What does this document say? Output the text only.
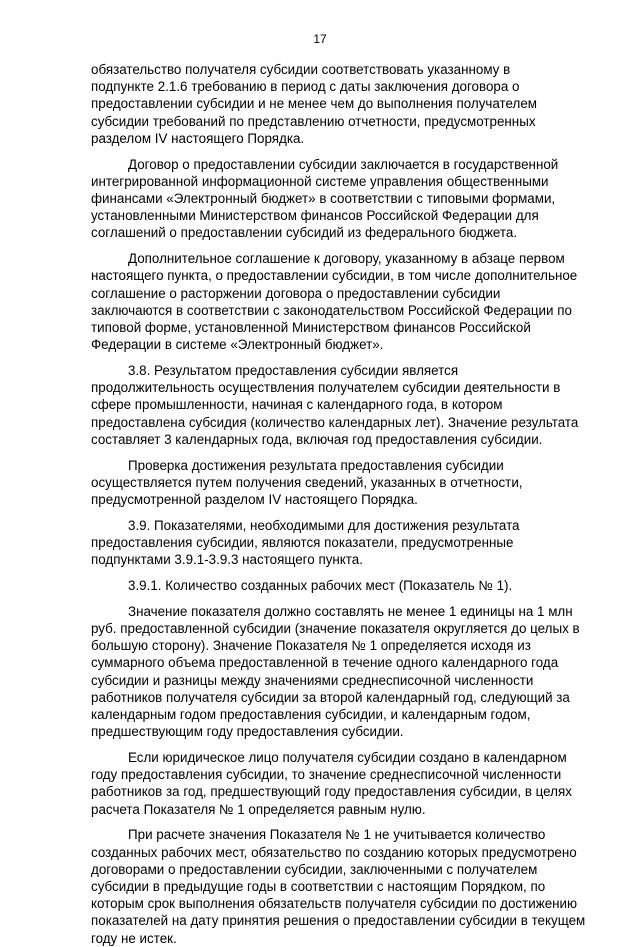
17

обязательство получателя субсидии соответствовать указанному в
подпункте 2.1.6 требованию в период с даты заключения договора о
предоставлении субсидии и не менее чем до выполнения получателем
субсидии требований по представлению отчетности, предусмотренных
разделом IV настоящего Порядка.

Договор о предоставлении субсидии заключается в государственной
интегрированной информационной системе управления общественными
финансами «Электронный бюджет» в соответствии с типовыми формами,
установленными Министерством финансов Российской Федерации для
соглашений о предоставлении субсидий из федерального бюджета.

Дополнительное соглашение к договору, указанному в абзаце первом
настоящего пункта, о предоставлении субсидии, в том числе дополнительное
соглашение о расторжении договора о предоставлении субсидии
заключаются в соответствии с законодательством Российской Федерации по
типовой форме, установленной Министерством финансов Российской
Федерации в системе «Электронный бюджет».

3.8. Результатом предоставления субсидии является
продолжительность осуществления получателем субсидии деятельности в
сфере промышленности, начиная с календарного года, в котором
предоставлена субсидия (количество календарных лет). Значение результата
составляет 3 календарных года, включая год предоставления субсидии.

Проверка достижения результата предоставления субсидии
осуществляется путем получения сведений, указанных в отчетности,
предусмотренной разделом IV настоящего Порядка.

3.9. Показателями, необходимыми для достижения результата
предоставления субсидии, являются показатели, предусмотренные
подпунктами 3.9.1-3.9.3 настоящего пункта.

3.9.1. Количество созданных рабочих мест (Показатель № 1).

Значение показателя должно составлять не менее 1 единицы на 1 млн
руб. предоставленной субсидии (значение показателя округляется до целых в
большую сторону). Значение Показателя № 1 определяется исходя из
суммарного объема предоставленной в течение одного календарного года
субсидии и разницы между значениями среднесписочной численности
работников получателя субсидии за второй календарный год, следующий за
календарным годом предоставления субсидии, и календарным годом,
предшествующим году предоставления субсидии.

Если юридическое лицо получателя субсидии создано в календарном
году предоставления субсидии, то значение среднесписочной численности
работников за год, предшествующий году предоставления субсидии, в целях
расчета Показателя № 1 определяется равным нулю.

При расчете значения Показателя № 1 не учитывается количество
созданных рабочих мест, обязательство по созданию которых предусмотрено
договорами о предоставлении субсидии, заключенными с получателем
субсидии в предыдущие годы в соответствии с настоящим Порядком, по
которым срок выполнения обязательств получателя субсидии по достижению
показателей на дату принятия решения о предоставлении субсидии в текущем
году не истек.
